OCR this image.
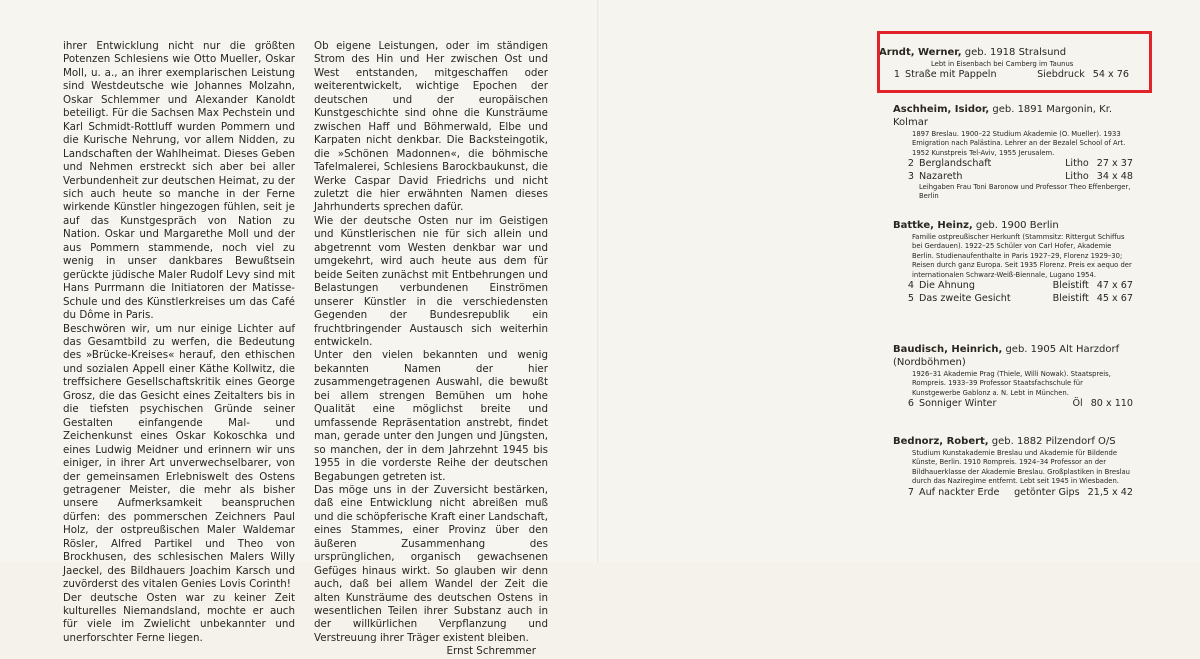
ihrer Entwicklung nicht nur die größten Potenzen Schlesiens wie Otto Mueller, Oskar Moll, u. a., an ihrer exemplarischen Leistung sind Westdeutsche wie Johannes Molzahn, Oskar Schlemmer und Alexander Kanoldt beteiligt. Für die Sachsen Max Pechstein und Karl Schmidt-Rottluff wurden Pommern und die Kurische Nehrung, vor allem Nidden, zu Landschaften der Wahlheimat. Dieses Geben und Nehmen erstreckt sich aber bei aller Verbundenheit zur deutschen Heimat, zu der sich auch heute so manche in der Ferne wirkende Künstler hingezogen fühlen, seit je auf das Kunstgespräch von Nation zu Nation. Oskar und Margarethe Moll und der aus Pommern stammende, noch viel zu wenig in unser dankbares Bewußtsein gerückte jüdische Maler Rudolf Levy sind mit Hans Purrmann die Initiatoren der Matisse-Schule und des Künstlerkreises um das Café du Dôme in Paris.

Beschwören wir, um nur einige Lichter auf das Gesamtbild zu werfen, die Bedeutung des »Brücke-Kreises« herauf, den ethischen und sozialen Appell einer Käthe Kollwitz, die treffsichere Gesellschaftskritik eines George Grosz, die das Gesicht eines Zeitalters bis in die tiefsten psychischen Gründe seiner Gestalten einfangende Mal- und Zeichenkunst eines Oskar Kokoschka und eines Ludwig Meidner und erinnern wir uns einiger, in ihrer Art unverwechselbarer, von der gemeinsamen Erlebniswelt des Ostens getragener Meister, die mehr als bisher unsere Aufmerksamkeit beanspruchen dürfen: des pommerschen Zeichners Paul Holz, der ostpreußischen Maler Waldemar Rösler, Alfred Partikel und Theo von Brockhusen, des schlesischen Malers Willy Jaeckel, des Bildhauers Joachim Karsch und zuvörderst des vitalen Genies Lovis Corinth!

Der deutsche Osten war zu keiner Zeit kulturelles Niemandsland, mochte er auch für viele im Zwielicht unbekannter und unerforschter Ferne liegen.

Ob eigene Leistungen, oder im ständigen Strom des Hin und Her zwischen Ost und West entstanden, mitgeschaffen oder weiterentwickelt, wichtige Epochen der deutschen und der europäischen Kunstgeschichte sind ohne die Kunsträume zwischen Haff und Böhmerwald, Elbe und Karpaten nicht denkbar. Die Backsteingotik, die »Schönen Madonnen«, die böhmische Tafelmalerei, Schlesiens Barockbaukunst, die Werke Caspar David Friedrichs und nicht zuletzt die hier erwähnten Namen dieses Jahrhunderts sprechen dafür.

Wie der deutsche Osten nur im Geistigen und Künstlerischen nie für sich allein und abgetrennt vom Westen denkbar war und umgekehrt, wird auch heute aus dem für beide Seiten zunächst mit Entbehrungen und Belastungen verbundenen Einströmen unserer Künstler in die verschiedensten Gegenden der Bundesrepublik ein fruchtbringender Austausch sich weiterhin entwickeln.

Unter den vielen bekannten und wenig bekannten Namen der hier zusammengetragenen Auswahl, die bewußt bei allem strengen Bemühen um hohe Qualität eine möglichst breite und umfassende Repräsentation anstrebt, findet man, gerade unter den Jungen und Jüngsten, so manchen, der in dem Jahrzehnt 1945 bis 1955 in die vorderste Reihe der deutschen Begabungen getreten ist.

Das möge uns in der Zuversicht bestärken, daß eine Entwicklung nicht abreißen muß und die schöpferische Kraft einer Landschaft, eines Stammes, einer Provinz über den äußeren Zusammenhang des ursprünglichen, organisch gewachsenen Gefüges hinaus wirkt. So glauben wir denn auch, daß bei allem Wandel der Zeit die alten Kunsträume des deutschen Ostens in wesentlichen Teilen ihrer Substanz auch in der willkürlichen Verpflanzung und Verstreuung ihrer Träger existent bleiben.

Ernst Schremmer

Arndt, Werner, geb. 1918 Stralsund
Lebt in Eisenbach bei Camberg im Taunus
1 Straße mit Pappeln	Siebdruck 54 x 76
Aschheim, Isidor, geb. 1891 Margonin, Kr. Kolmar
1897 Breslau. 1900–22 Studium Akademie (O. Mueller). 1933 Emigration nach Palästina. Lehrer an der Bezalel School of Art. 1952 Kunstpreis Tel-Aviv, 1955 Jerusalem.
2 Berglandschaft	Litho 27 x 37
3 Nazareth	Litho 34 x 48
Leihgaben Frau Toni Baronow und Professor Theo Effenberger, Berlin
Battke, Heinz, geb. 1900 Berlin
Familie ostpreußischer Herkunft (Stammsitz: Rittergut Schiffus bei Gerdauen). 1922–25 Schüler von Carl Hofer, Akademie Berlin. Studienaufenthalte in Paris 1927–29, Florenz 1929–30; Reisen durch ganz Europa. Seit 1935 Florenz. Preis ex aequo der internationalen Schwarz-Weiß-Biennale, Lugano 1954.
4 Die Ahnung	Bleistift 47 x 67
5 Das zweite Gesicht	Bleistift 45 x 67
Baudisch, Heinrich, geb. 1905 Alt Harzdorf (Nordböhmen)
1926–31 Akademie Prag (Thiele, Willi Nowak). Staatspreis, Rompreis. 1933–39 Professor Staatsfachschule für Kunstgewerbe Gablonz a. N. Lebt in München.
6 Sonniger Winter	Öl 80 x 110
Bednorz, Robert, geb. 1882 Pilzendorf O/S
Studium Kunstakademie Breslau und Akademie für Bildende Künste, Berlin. 1910 Rompreis. 1924–34 Professor an der Bildhauerklasse der Akademie Breslau. Großplastiken in Breslau durch das Naziregime entfernt. Lebt seit 1945 in Wiesbaden.
7 Auf nackter Erde	getönter Gips 21,5 x 42
